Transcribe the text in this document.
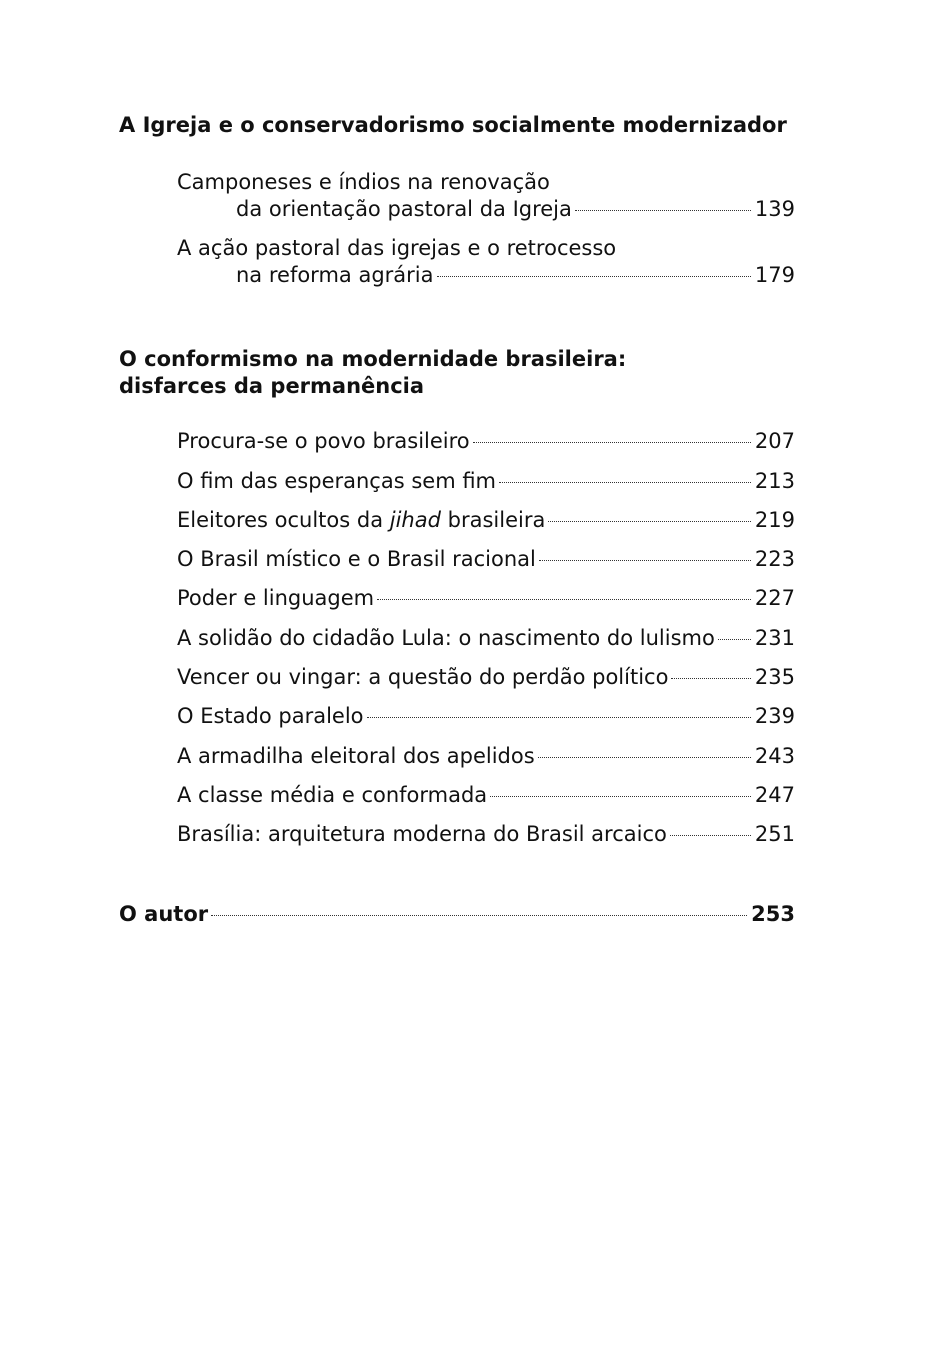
A Igreja e o conservadorismo socialmente modernizador
Camponeses e índios na renovação
da orientação pastoral da Igreja	139
A ação pastoral das igrejas e o retrocesso
na reforma agrária	179
O conformismo na modernidade brasileira:
disfarces da permanência
Procura-se o povo brasileiro	207
O fim das esperanças sem fim	213
Eleitores ocultos da jihad brasileira	219
O Brasil místico e o Brasil racional	223
Poder e linguagem	227
A solidão do cidadão Lula: o nascimento do lulismo 231
Vencer ou vingar: a questão do perdão político	235
O Estado paralelo	239
A armadilha eleitoral dos apelidos	243
A classe média e conformada	247
Brasília: arquitetura moderna do Brasil arcaico	251
O autor	253
